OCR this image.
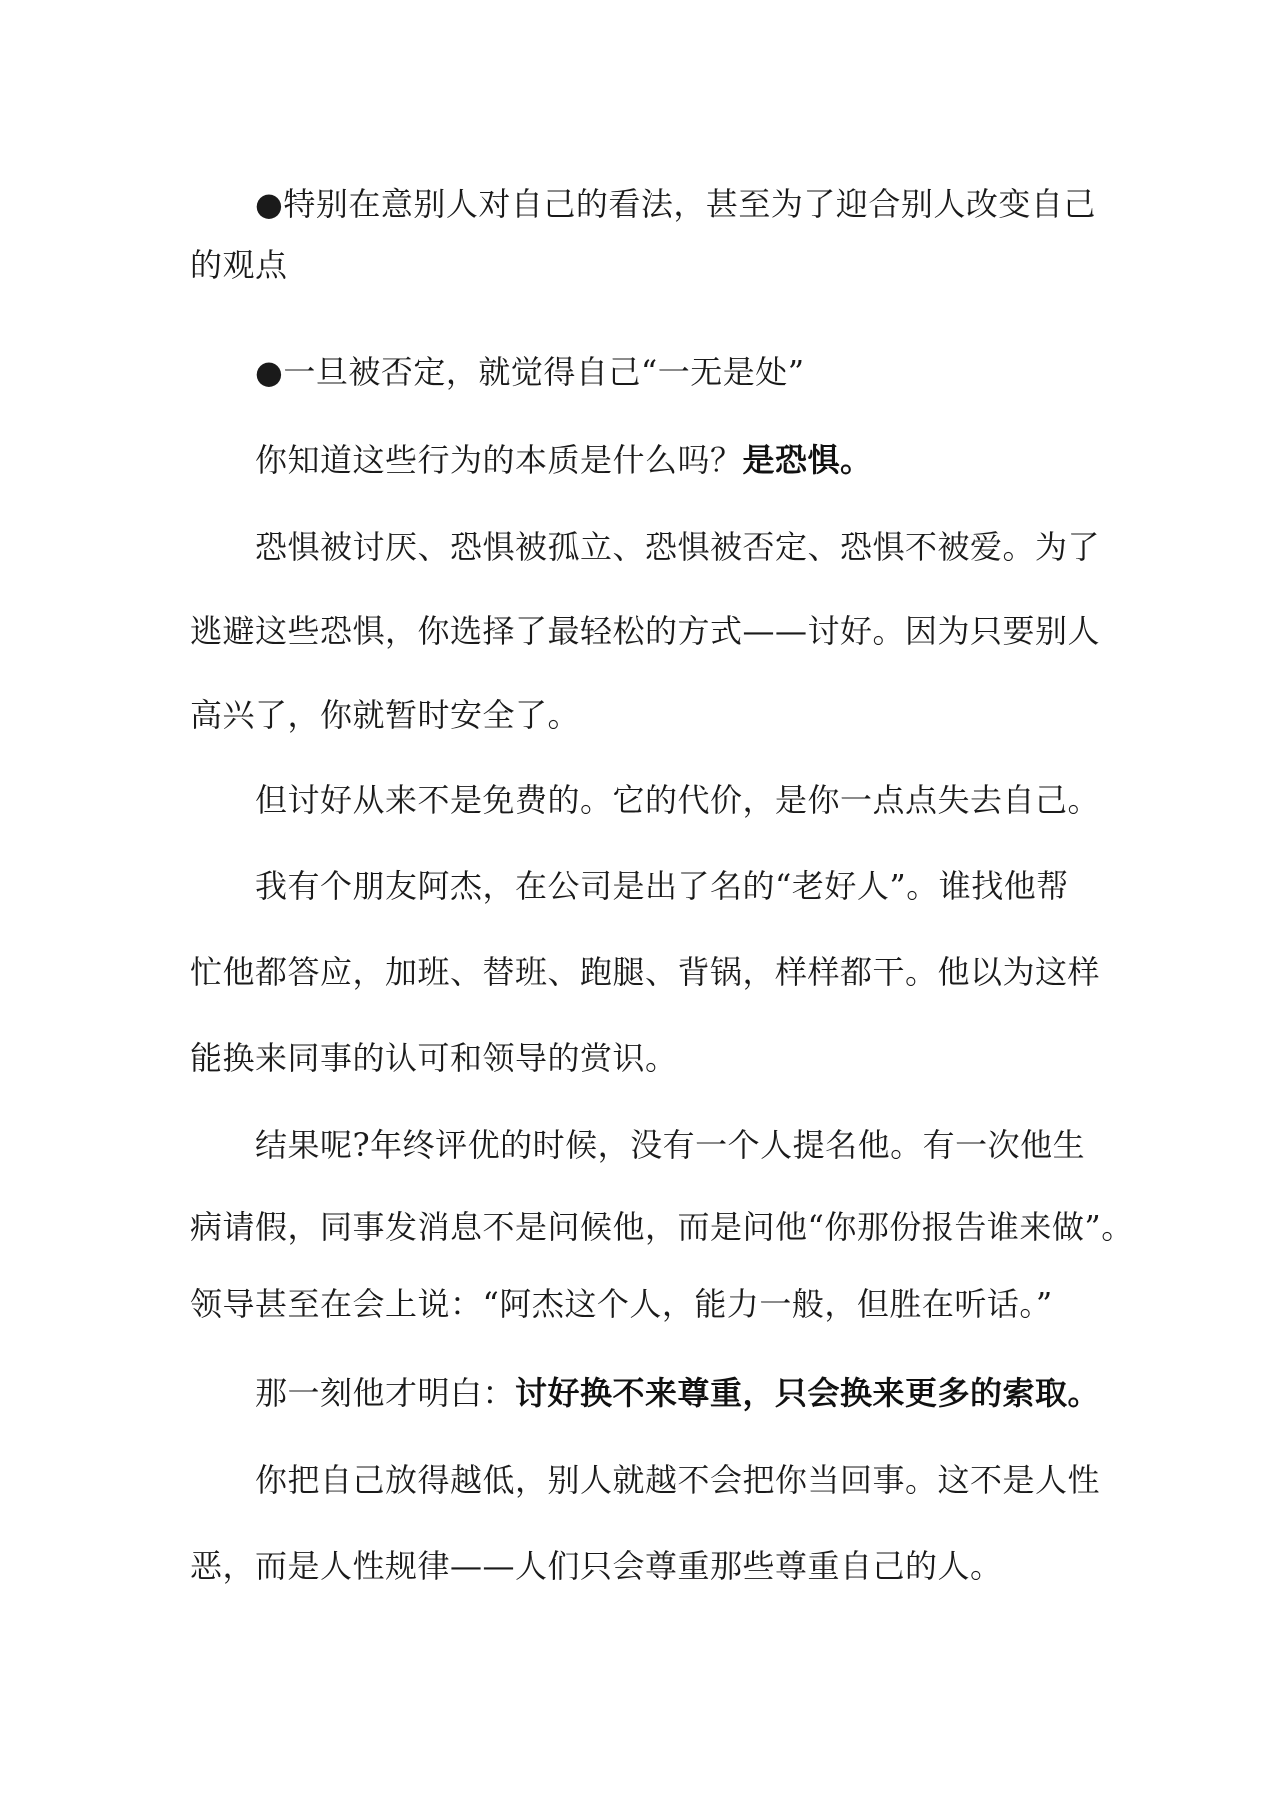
●特别在意别人对自己的看法，甚至为了迎合别人改变自己
的观点
●一旦被否定，就觉得自己“一无是处”
你知道这些行为的本质是什么吗？是恐惧。
恐惧被讨厌、恐惧被孤立、恐惧被否定、恐惧不被爱。为了
逃避这些恐惧，你选择了最轻松的方式——讨好。因为只要别人
高兴了，你就暂时安全了。
但讨好从来不是免费的。它的代价，是你一点点失去自己。
我有个朋友阿杰，在公司是出了名的“老好人”。谁找他帮
忙他都答应，加班、替班、跑腿、背锅，样样都干。他以为这样
能换来同事的认可和领导的赏识。
结果呢?年终评优的时候，没有一个人提名他。有一次他生
病请假，同事发消息不是问候他，而是问他“你那份报告谁来做”。
领导甚至在会上说：“阿杰这个人，能力一般，但胜在听话。”
那一刻他才明白：讨好换不来尊重，只会换来更多的索取。
你把自己放得越低，别人就越不会把你当回事。这不是人性
恶，而是人性规律——人们只会尊重那些尊重自己的人。
